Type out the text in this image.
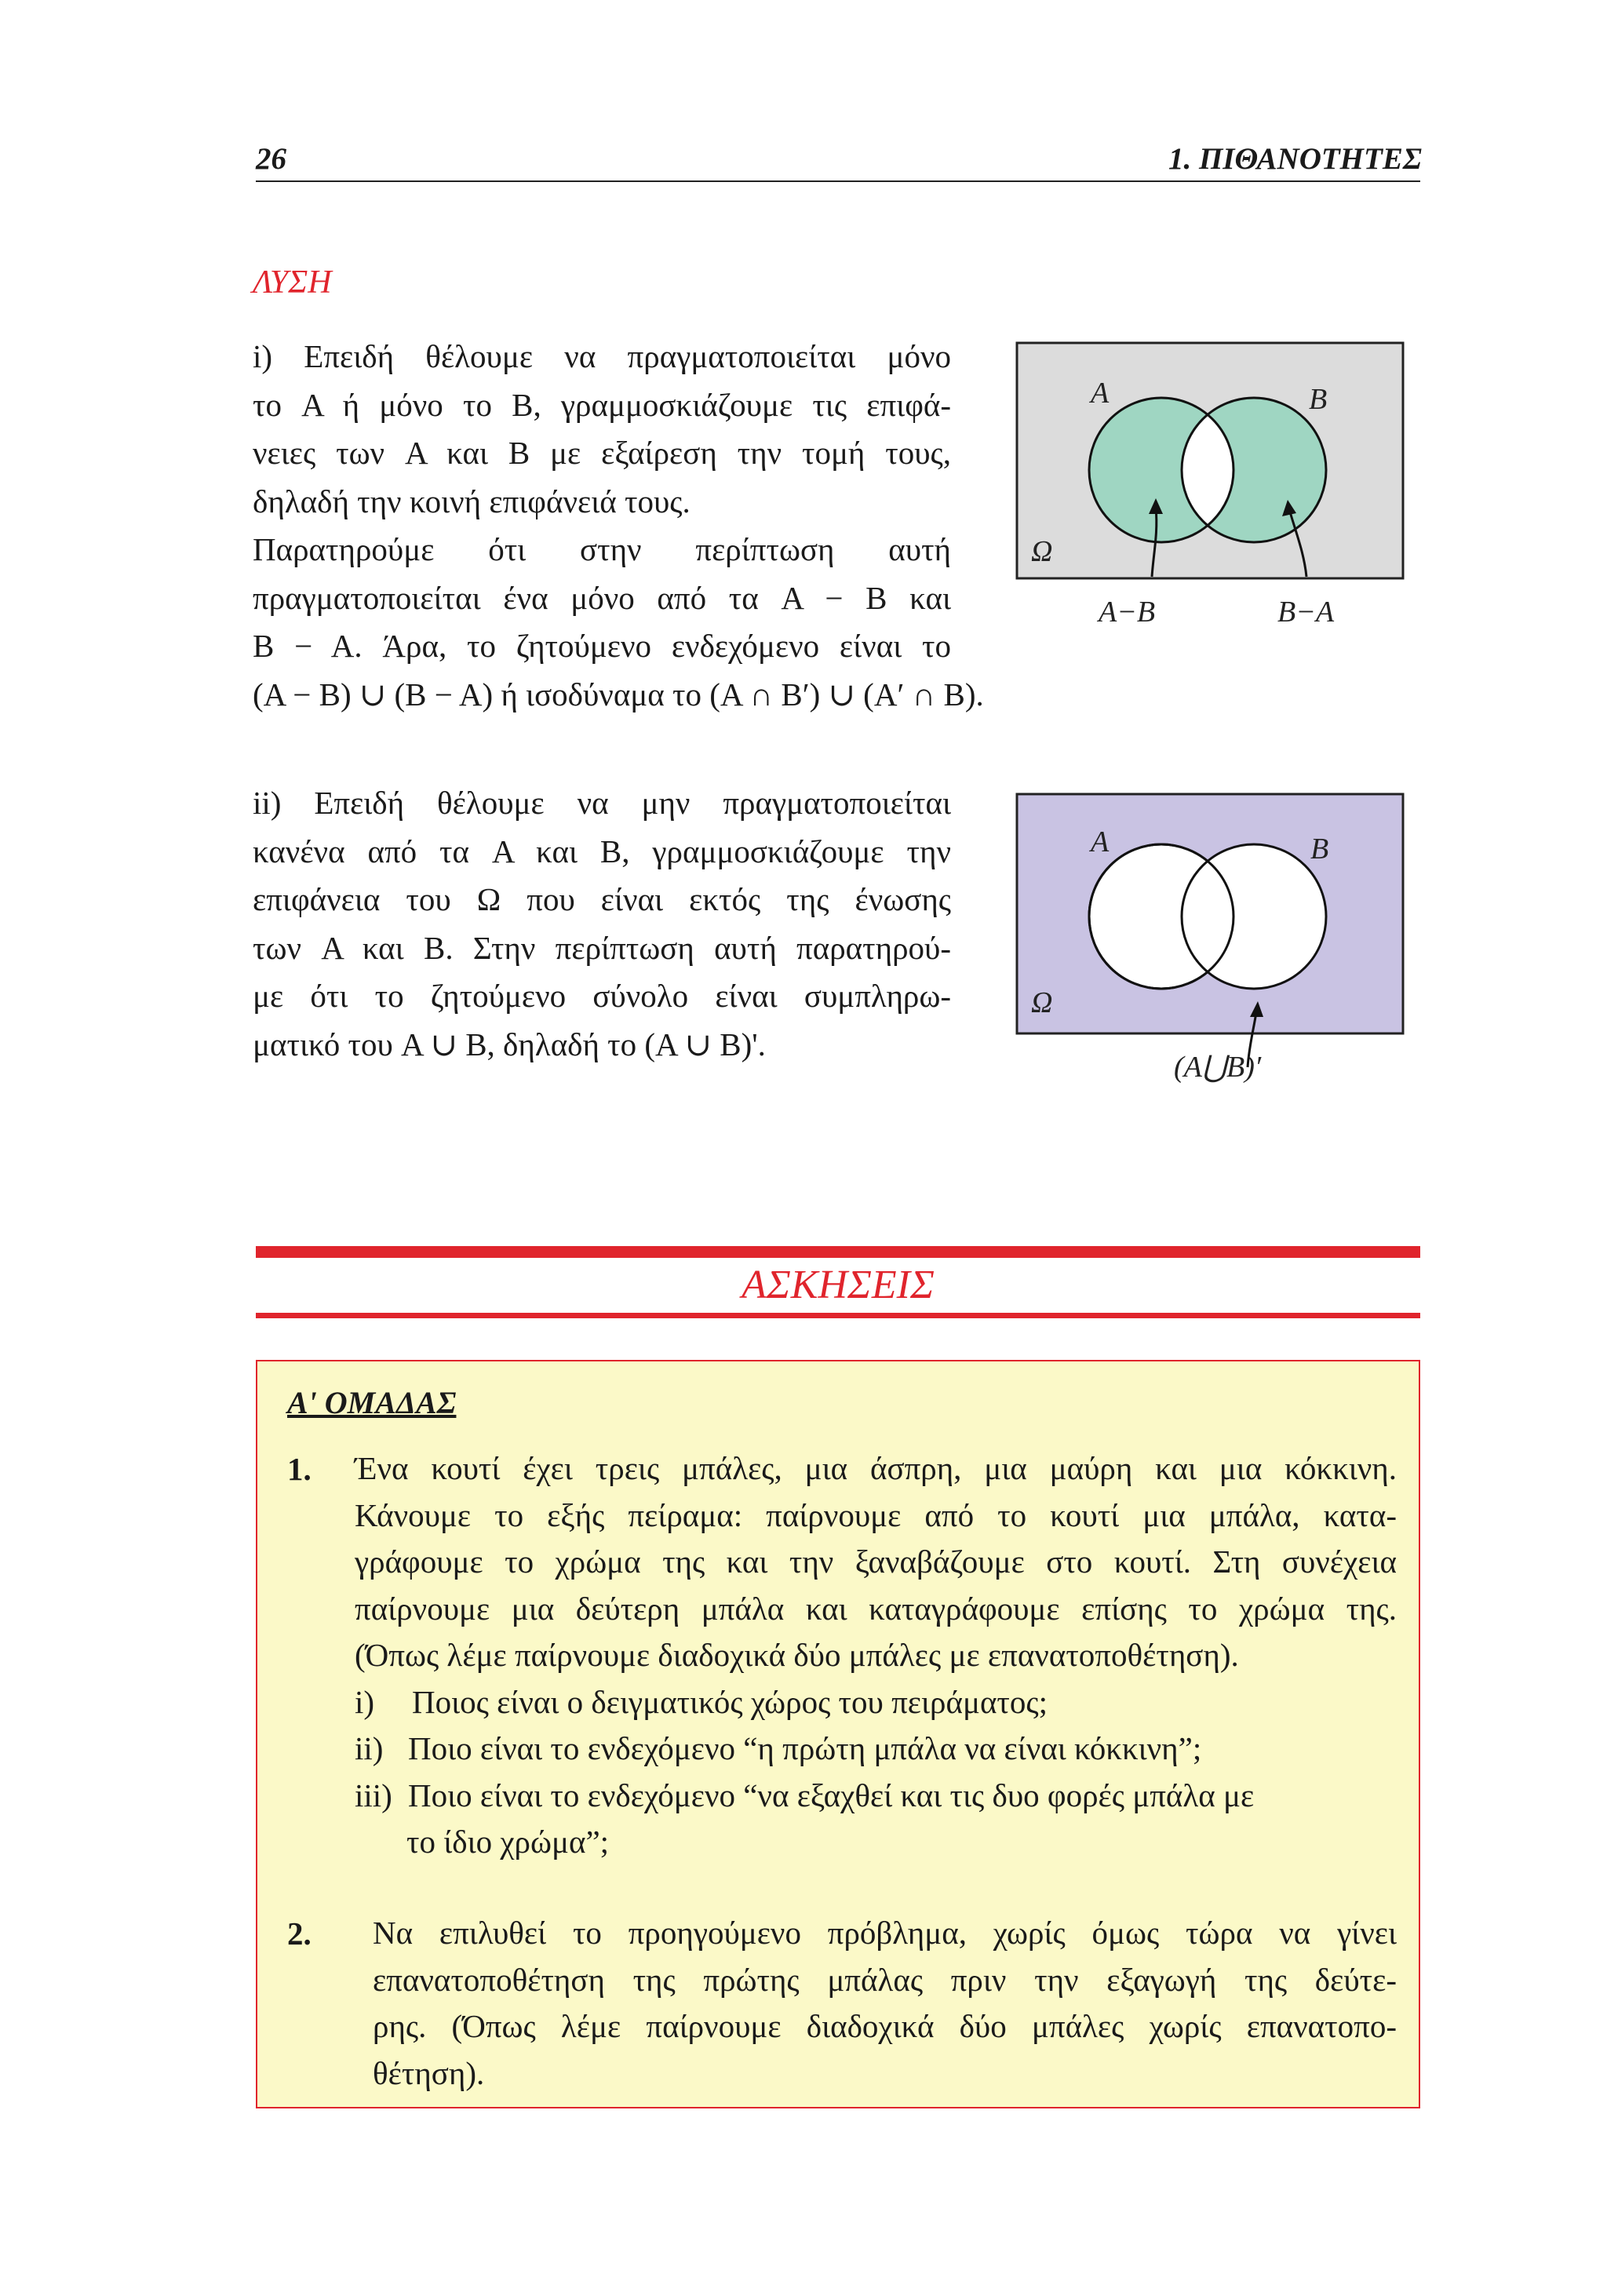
26	1. ΠΙΘΑΝΟΤΗΤΕΣ
ΛΥΣΗ
i) Επειδή θέλουμε να πραγματοποιείται μόνο
το A ή μόνο το B, γραμμοσκιάζουμε τις επιφά-
νειες των A και B με εξαίρεση την τομή τους,
δηλαδή την κοινή επιφάνειά τους.
Παρατηρούμε ότι στην περίπτωση αυτή
πραγματοποιείται ένα μόνο από τα A − B και
B − A. Άρα, το ζητούμενο ενδεχόμενο είναι το
(A − B) ∪ (B − A) ή ισοδύναμα το (A ∩ B′) ∪ (A′ ∩ B).
A	B
Ω
A−B	B−A
ii) Επειδή θέλουμε να μην πραγματοποιείται
κανένα από τα A και B, γραμμοσκιάζουμε την
επιφάνεια του Ω που είναι εκτός της ένωσης
των A και B. Στην περίπτωση αυτή παρατηρού-
με ότι το ζητούμενο σύνολο είναι συμπληρω-
ματικό του A ∪ B, δηλαδή το (A ∪ B)'.
A	B
Ω
(A⋃B)′
ΑΣΚΗΣΕΙΣ
Α' ΟΜΑΔΑΣ
1. Ένα κουτί έχει τρεις μπάλες, μια άσπρη, μια μαύρη και μια κόκκινη.
Κάνουμε το εξής πείραμα: παίρνουμε από το κουτί μια μπάλα, κατα-
γράφουμε το χρώμα της και την ξαναβάζουμε στο κουτί. Στη συνέχεια
παίρνουμε μια δεύτερη μπάλα και καταγράφουμε επίσης το χρώμα της.
(Όπως λέμε παίρνουμε διαδοχικά δύο μπάλες με επανατοποθέτηση).
i) Ποιος είναι ο δειγματικός χώρος του πειράματος;
ii) Ποιο είναι το ενδεχόμενο “η πρώτη μπάλα να είναι κόκκινη”;
iii) Ποιο είναι το ενδεχόμενο “να εξαχθεί και τις δυο φορές μπάλα με
το ίδιο χρώμα”;
2. Να επιλυθεί το προηγούμενο πρόβλημα, χωρίς όμως τώρα να γίνει
επανατοποθέτηση της πρώτης μπάλας πριν την εξαγωγή της δεύτε-
ρης. (Όπως λέμε παίρνουμε διαδοχικά δύο μπάλες χωρίς επανατοπο-
θέτηση).
